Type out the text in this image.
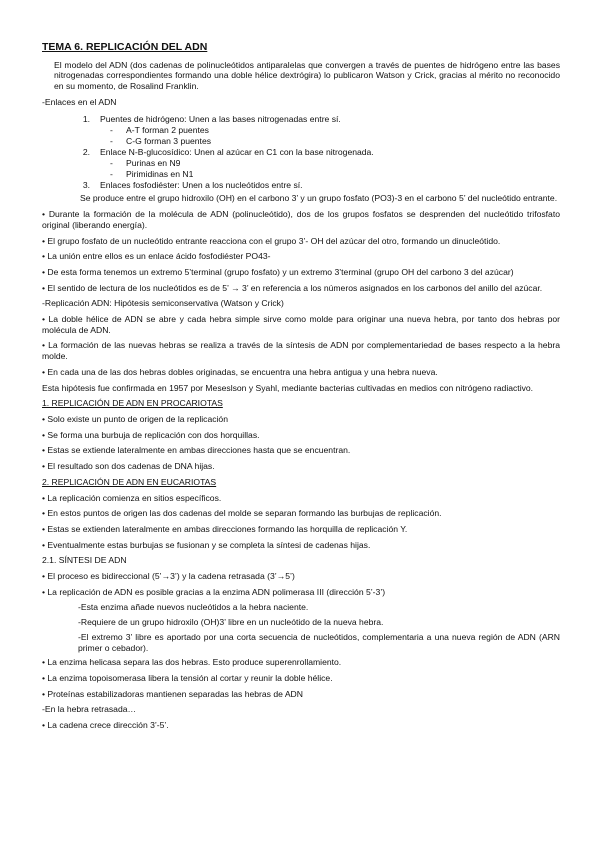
TEMA 6. REPLICACIÓN DEL ADN
El modelo del ADN (dos cadenas de polinucleótidos antiparalelas que convergen a través de puentes de hidrógeno entre las bases nitrogenadas correspondientes formando una doble hélice dextrógira) lo publicaron Watson y Crick, gracias al mérito no reconocido en su momento, de Rosalind Franklin.
-Enlaces en el ADN
1.	Puentes de hidrógeno: Unen a las bases nitrogenadas entre sí.
-	A-T forman 2 puentes
-	C-G forman 3 puentes
2.	Enlace N-B-glucosídico: Unen al azúcar en C1 con la base nitrogenada.
-	Purinas en N9
-	Pirimidinas en N1
3.	Enlaces fosfodiéster: Unen a los nucleótidos entre sí.
Se produce entre el grupo hidroxilo (OH) en el carbono 3’ y un grupo fosfato (PO3)-3 en el carbono 5’ del nucleótido entrante.
• Durante la formación de la molécula de ADN (polinucleótido), dos de los grupos fosfatos se desprenden del nucleótido trifosfato original (liberando energía).
• El grupo fosfato de un nucleótido entrante reacciona con el grupo 3’- OH del azúcar del otro, formando un dinucleótido.
• La unión entre ellos es un enlace ácido fosfodiéster PO43-
• De esta forma tenemos un extremo 5’terminal (grupo fosfato) y un extremo 3’terminal (grupo OH del carbono 3 del azúcar)
• El sentido de lectura de los nucleótidos es de 5’ → 3’ en referencia a los números asignados en los carbonos del anillo del azúcar.
-Replicación ADN: Hipótesis semiconservativa (Watson y Crick)
• La doble hélice de ADN se abre y cada hebra simple sirve como molde para originar una nueva hebra, por tanto dos hebras por molécula de ADN.
• La formación de las nuevas hebras se realiza a través de la síntesis de ADN por complementariedad de bases respecto a la hebra molde.
• En cada una de las dos hebras dobles originadas, se encuentra una hebra antigua y una hebra nueva.
Esta hipótesis fue confirmada en 1957 por Meseslson y Syahl, mediante bacterias cultivadas en medios con nitrógeno radiactivo.
1. REPLICACIÓN DE ADN EN PROCARIOTAS
• Solo existe un punto de origen de la replicación
• Se forma una burbuja de replicación con dos horquillas.
• Estas se extiende lateralmente en ambas direcciones hasta que se encuentran.
• El resultado son dos cadenas de DNA hijas.
2. REPLICACIÓN DE ADN EN EUCARIOTAS
• La replicación comienza en sitios específicos.
• En estos puntos de origen las dos cadenas del molde se separan formando las burbujas de replicación.
• Estas se extienden lateralmente en ambas direcciones formando las horquilla de replicación Y.
• Eventualmente estas burbujas se fusionan y se completa la síntesi de cadenas hijas.
2.1. SÍNTESI DE ADN
• El proceso es bidireccional (5’→3’) y la cadena retrasada (3’→5’)
• La replicación de ADN es posible gracias a la enzima ADN polimerasa III (dirección 5’-3’)
-Esta enzima añade nuevos nucleótidos a la hebra naciente.
-Requiere de un grupo hidroxilo (OH)3’ libre en un nucleótido de la nueva hebra.
-El extremo 3’ libre es aportado por una corta secuencia de nucleótidos, complementaria a una nueva región de ADN (ARN primer o cebador).
• La enzima helicasa separa las dos hebras. Esto produce superenrollamiento.
• La enzima topoisomerasa libera la tensión al cortar y reunir la doble hélice.
• Proteínas estabilizadoras mantienen separadas las hebras de ADN
-En la hebra retrasada…
• La cadena crece dirección 3’-5’.
